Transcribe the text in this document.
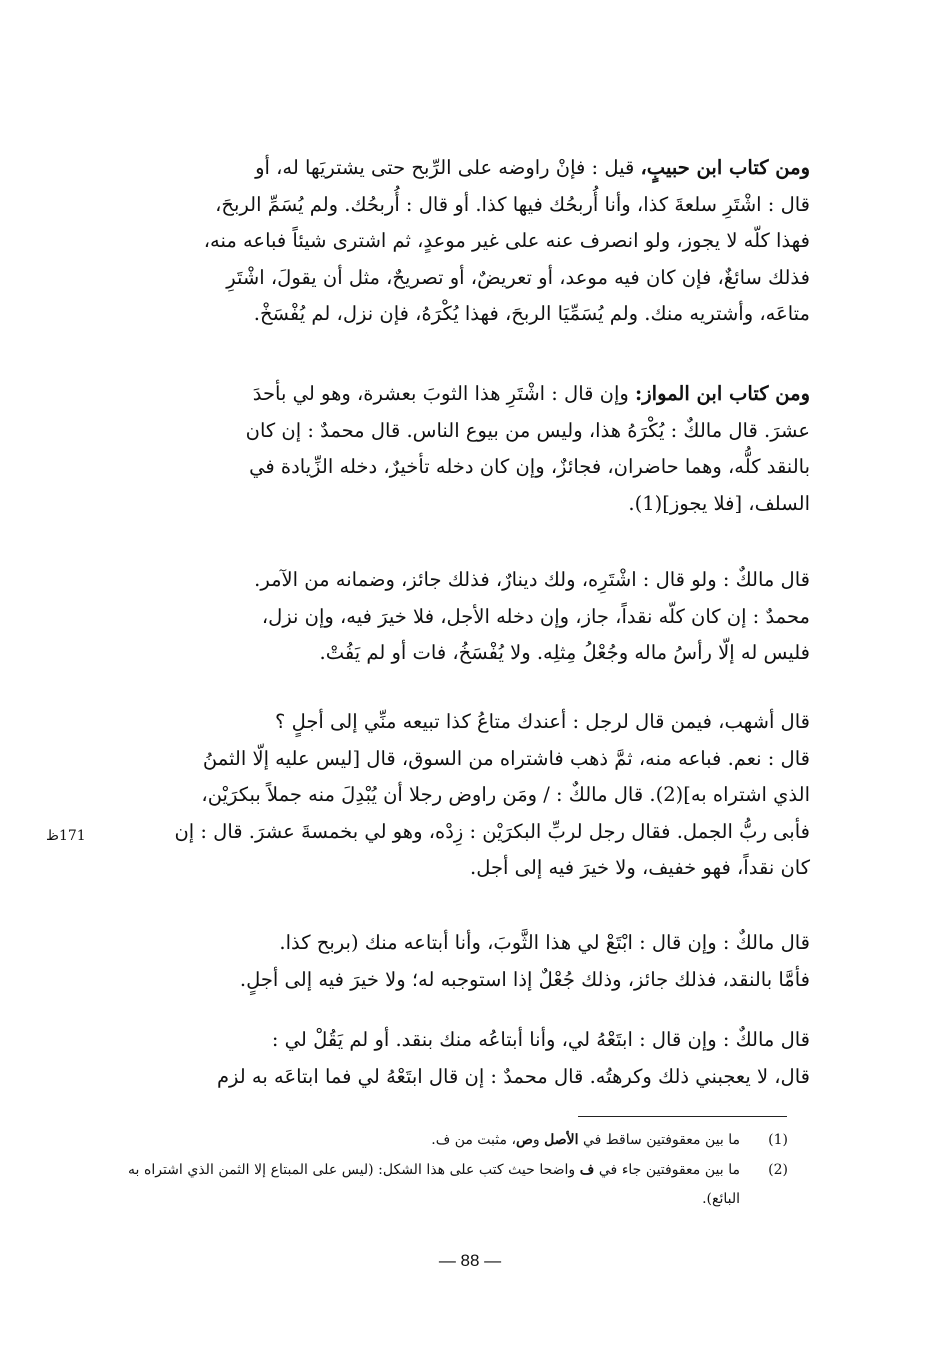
ومن كتاب ابن حبيبٍ، قيل : فإنْ راوضه على الرِّبح حتى يشتريَها له، أو
قال : اشْتَرِ سلعةَ كذا، وأنا أُربحُك فيها كذا. أو قال : أُربحُك. ولم يُسَمِّ الربحَ،
فهذا كلّه لا يجوز، ولو انصرف عنه على غير موعدٍ، ثم اشترى شيئاً فباعه منه،
فذلك سائغٌ، فإن كان فيه موعد، أو تعريضٌ، أو تصريحٌ، مثل أن يقولَ، اشْتَرِ
متاعَه، وأشتريه منك. ولم يُسَمِّيَا الربحَ، فهذا يُكْرَهُ، فإن نزل، لم يُفْسَخْ.

ومن كتاب ابن المواز: وإن قال : اشْتَرِ هذا الثوبَ بعشرة، وهو لي بأحدَ
عشرَ. قال مالكٌ : يُكْرَهُ هذا، وليس من بيوع الناس. قال محمدٌ : إن كان
بالنقد كلُّه، وهما حاضران، فجائزٌ، وإن كان دخله تأخيرٌ، دخله الزِّيادة في
السلف، [فلا يجوز](1).

قال مالكٌ : ولو قال : اشْتَرِه، ولك دينارٌ، فذلك جائز، وضمانه من الآمر.
محمدٌ : إن كان كلّه نقداً، جاز، وإن دخله الأجل، فلا خيرَ فيه، وإن نزل،
فليس له إلّا رأسُ ماله وجُعْلُ مِثلِه. ولا يُفْسَخُ، فات أو لم يَفُتْ.

قال أشهب، فيمن قال لرجل : أعندك متاعُ كذا تبيعه منِّي إلى أجلٍ ؟
قال : نعم. فباعه منه، ثمَّ ذهب فاشتراه من السوق، قال [ليس عليه إلّا الثمنُ
الذي اشتراه به](2). قال مالكٌ : / ومَن راوض رجلا أن يُبْدِلَ منه جملاً ببكرَيْن،
فأبى ربُّ الجمل. فقال رجل لربِّ البكرَيْن : زِدْه، وهو لي بخمسةَ عشرَ. قال : إن
كان نقداً، فهو خفيف، ولا خيرَ فيه إلى أجل.

171ظ

قال مالكٌ : وإن قال : ابْتَعْ لي هذا الثَّوبَ، وأنا أبتاعه منك (بربح كذا.
فأمَّا بالنقد، فذلك جائز، وذلك جُعْلٌ إذا استوجبه له؛ ولا خيرَ فيه إلى أجلٍ.

قال مالكٌ : وإن قال : ابتَعْهُ لي، وأنا أبتاعُه منك بنقد. أو لم يَقُلْ لي :
قال، لا يعجبني ذلك وكرهتُه. قال محمدٌ : إن قال ابتَعْهُ لي فما ابتاعَه به لزم

(1)
ما بين معقوفتين ساقط في الأصل وص، مثبت من ف.
(2)
ما بين معقوفتين جاء في ف واضحا حيث كتب على هذا الشكل: (ليس على المبتاع إلا الثمن الذي اشتراه به البائع).
— 88 —
